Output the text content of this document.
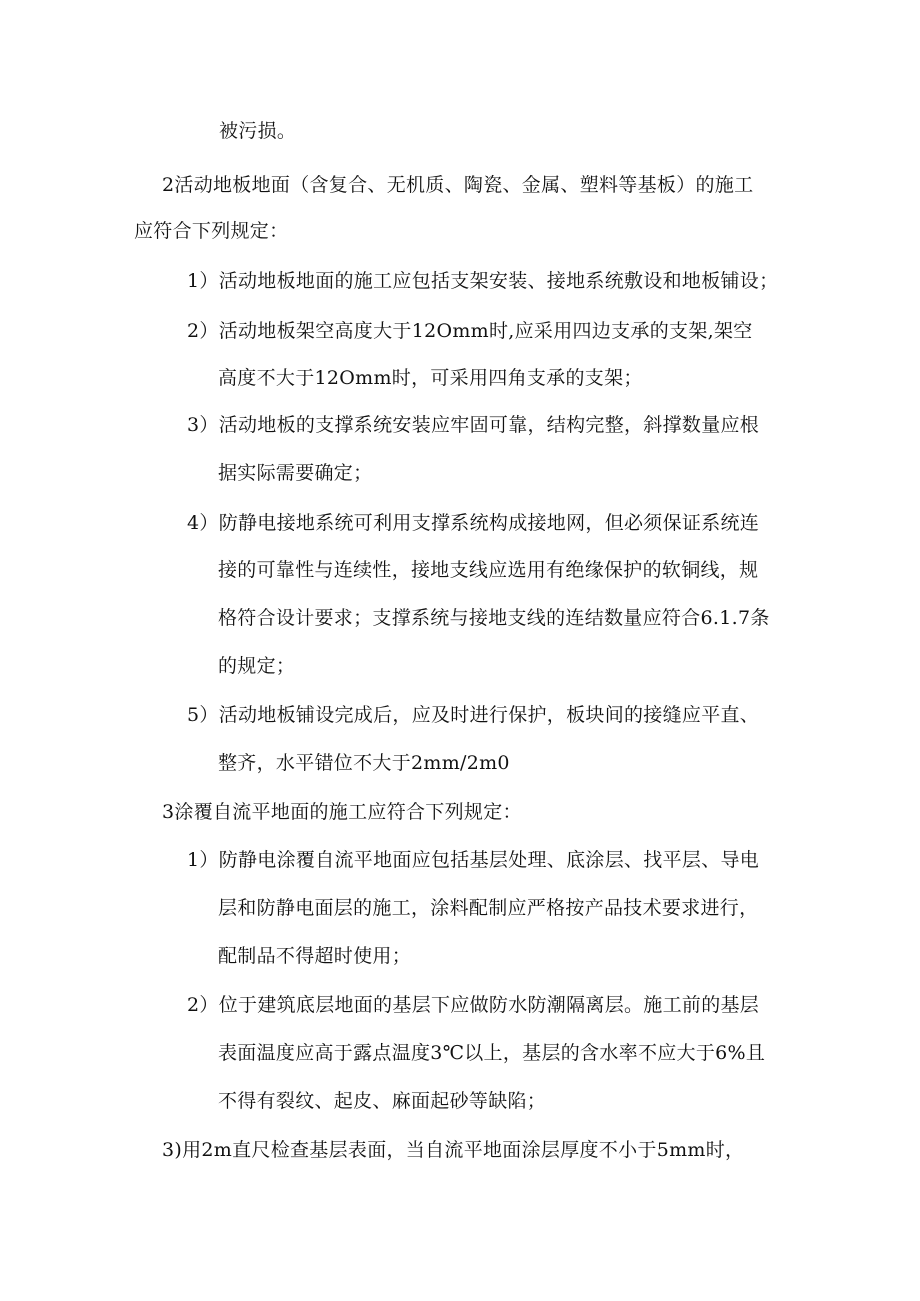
被污损。
2活动地板地面（含复合、无机质、陶瓷、金属、塑料等基板）的施工
应符合下列规定：
1）活动地板地面的施工应包括支架安装、接地系统敷设和地板铺设；
2）活动地板架空高度大于12Omm时,应采用四边支承的支架,架空
高度不大于12Omm时，可采用四角支承的支架；
3）活动地板的支撑系统安装应牢固可靠，结构完整，斜撑数量应根
据实际需要确定；
4）防静电接地系统可利用支撑系统构成接地网，但必须保证系统连
接的可靠性与连续性，接地支线应选用有绝缘保护的软铜线，规
格符合设计要求；支撑系统与接地支线的连结数量应符合6.1.7条
的规定；
5）活动地板铺设完成后，应及时进行保护，板块间的接缝应平直、
整齐，水平错位不大于2mm∕2m0
3涂覆自流平地面的施工应符合下列规定：
1）防静电涂覆自流平地面应包括基层处理、底涂层、找平层、导电
层和防静电面层的施工，涂料配制应严格按产品技术要求进行，
配制品不得超时使用；
2）位于建筑底层地面的基层下应做防水防潮隔离层。施工前的基层
表面温度应高于露点温度3℃以上，基层的含水率不应大于6%且
不得有裂纹、起皮、麻面起砂等缺陷；
3)用2m直尺检查基层表面，当自流平地面涂层厚度不小于5mm时，
